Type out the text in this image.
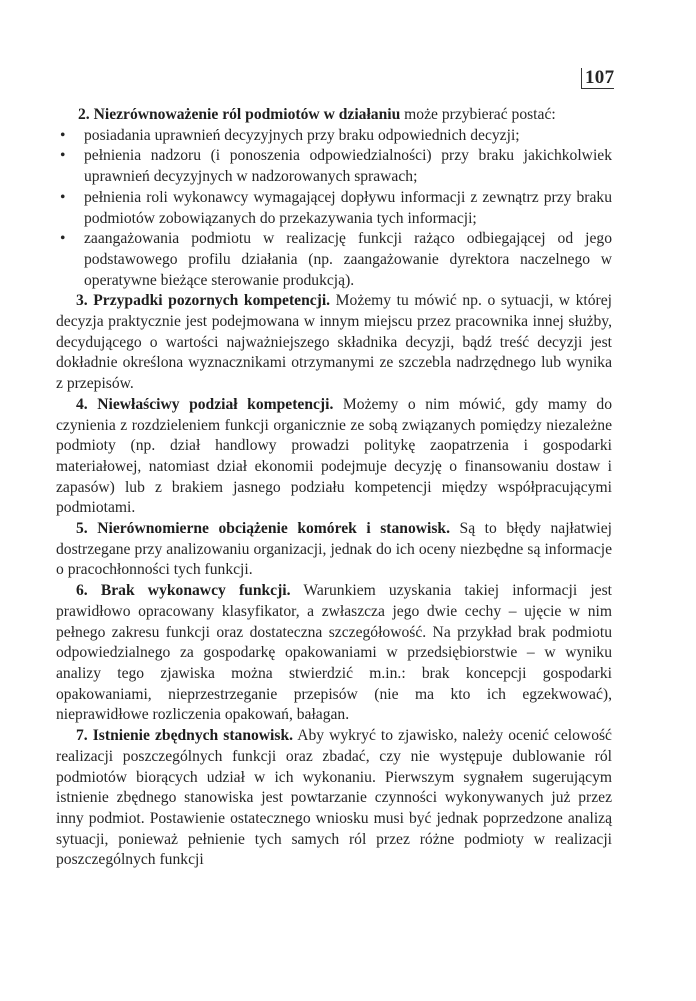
107

2. Niezrównoważenie ról podmiotów w działaniu może przybierać postać:

• posiadania uprawnień decyzyjnych przy braku odpowiednich decyzji;
• pełnienia nadzoru (i ponoszenia odpowiedzialności) przy braku jakichkolwiek uprawnień decyzyjnych w nadzorowanych sprawach;
• pełnienia roli wykonawcy wymagającej dopływu informacji z zewnątrz przy braku podmiotów zobowiązanych do przekazywania tych informacji;
• zaangażowania podmiotu w realizację funkcji rażąco odbiegającej od jego podstawowego profilu działania (np. zaangażowanie dyrektora naczelnego w operatywne bieżące sterowanie produkcją).

3. Przypadki pozornych kompetencji. Możemy tu mówić np. o sytuacji, w której decyzja praktycznie jest podejmowana w innym miejscu przez pracownika innej służby, decydującego o wartości najważniejszego składnika decyzji, bądź treść decyzji jest dokładnie określona wyznacznikami otrzymanymi ze szczebla nadrzędnego lub wynika z przepisów.

4. Niewłaściwy podział kompetencji. Możemy o nim mówić, gdy mamy do czynienia z rozdzieleniem funkcji organicznie ze sobą związanych pomiędzy niezależne podmioty (np. dział handlowy prowadzi politykę zaopatrzenia i gospodarki materiałowej, natomiast dział ekonomii podejmuje decyzję o finansowaniu dostaw i zapasów) lub z brakiem jasnego podziału kompetencji między współpracującymi podmiotami.

5. Nierównomierne obciążenie komórek i stanowisk. Są to błędy najłatwiej dostrzegane przy analizowaniu organizacji, jednak do ich oceny niezbędne są informacje o pracochłonności tych funkcji.

6. Brak wykonawcy funkcji. Warunkiem uzyskania takiej informacji jest prawidłowo opracowany klasyfikator, a zwłaszcza jego dwie cechy – ujęcie w nim pełnego zakresu funkcji oraz dostateczna szczegółowość. Na przykład brak podmiotu odpowiedzialnego za gospodarkę opakowaniami w przedsiębiorstwie – w wyniku analizy tego zjawiska można stwierdzić m.in.: brak koncepcji gospodarki opakowaniami, nieprzestrzeganie przepisów (nie ma kto ich egzekwować), nieprawidłowe rozliczenia opakowań, bałagan.

7. Istnienie zbędnych stanowisk. Aby wykryć to zjawisko, należy ocenić celowość realizacji poszczególnych funkcji oraz zbadać, czy nie występuje dublowanie ról podmiotów biorących udział w ich wykonaniu. Pierwszym sygnałem sugerującym istnienie zbędnego stanowiska jest powtarzanie czynności wykonywanych już przez inny podmiot. Postawienie ostatecznego wniosku musi być jednak poprzedzone analizą sytuacji, ponieważ pełnienie tych samych ról przez różne podmioty w realizacji poszczególnych funkcji
